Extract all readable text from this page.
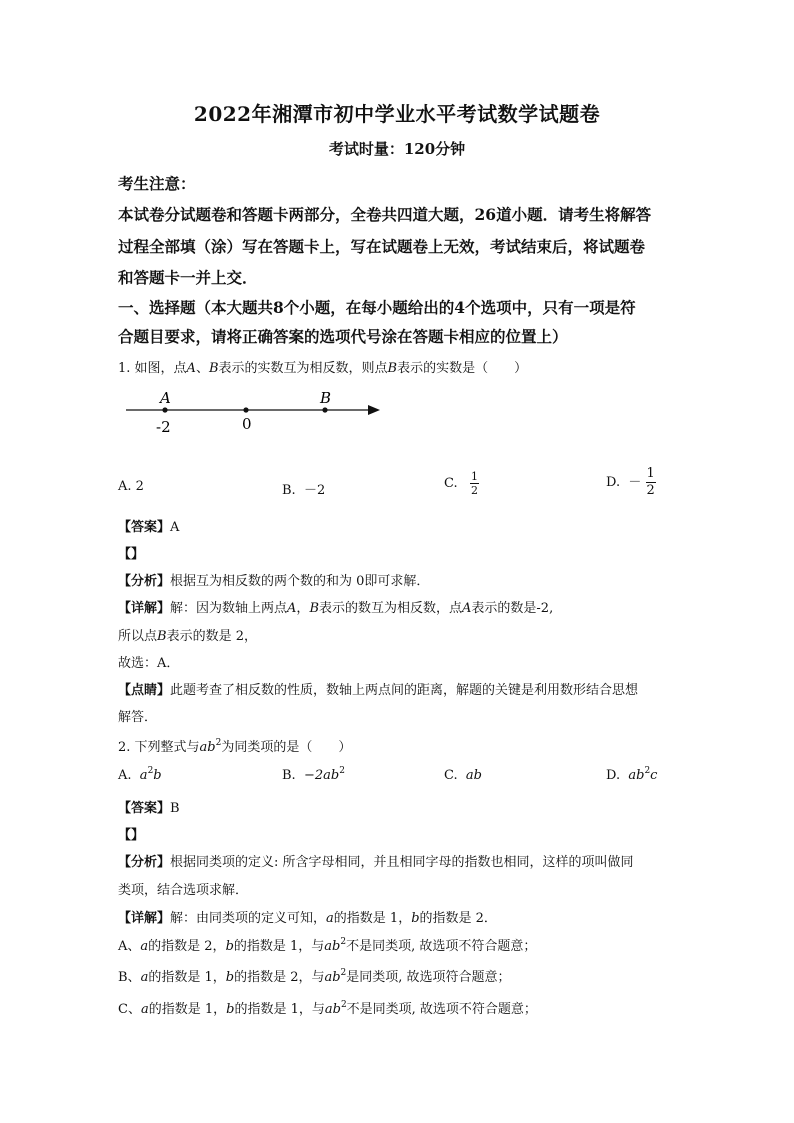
2022年湘潭市初中学业水平考试数学试题卷
考试时量：120分钟
考生注意：
本试卷分试题卷和答题卡两部分，全卷共四道大题，26道小题．请考生将解答
过程全部填（涂）写在答题卡上，写在试题卷上无效，考试结束后，将试题卷
和答题卡一并上交．
一、选择题（本大题共8个小题，在每小题给出的4个选项中，只有一项是符
合题目要求，请将正确答案的选项代号涂在答题卡相应的位置上）
1. 如图，点A、B表示的实数互为相反数，则点B表示的实数是（　　）
A	B
-2	0
A. 2	B. －2	C. $\frac{1}{2}$	D. － $\frac{1}{2}$
【答案】A
【】
【分析】根据互为相反数的两个数的和为 0即可求解．
【详解】解：因为数轴上两点A，B表示的数互为相反数，点A表示的数是-2,
所以点B表示的数是 2，
故选：A．
【点睛】此题考查了相反数的性质，数轴上两点间的距离，解题的关键是利用数形结合思想
解答．
2. 下列整式与$ab^2$为同类项的是（　　）
A. $a^2b$	B. $-2ab^2$	C. ab	D. $ab^2c$
【答案】B
【】
【分析】根据同类项的定义: 所含字母相同，并且相同字母的指数也相同，这样的项叫做同
类项，结合选项求解．
【详解】解：由同类项的定义可知，a的指数是 1，b的指数是 2．
A、a的指数是 2，b的指数是 1，与$ab^2$不是同类项, 故选项不符合题意；
B、a的指数是 1，b的指数是 2，与$ab^2$是同类项, 故选项符合题意；
C、a的指数是 1，b的指数是 1，与$ab^2$不是同类项, 故选项不符合题意；
